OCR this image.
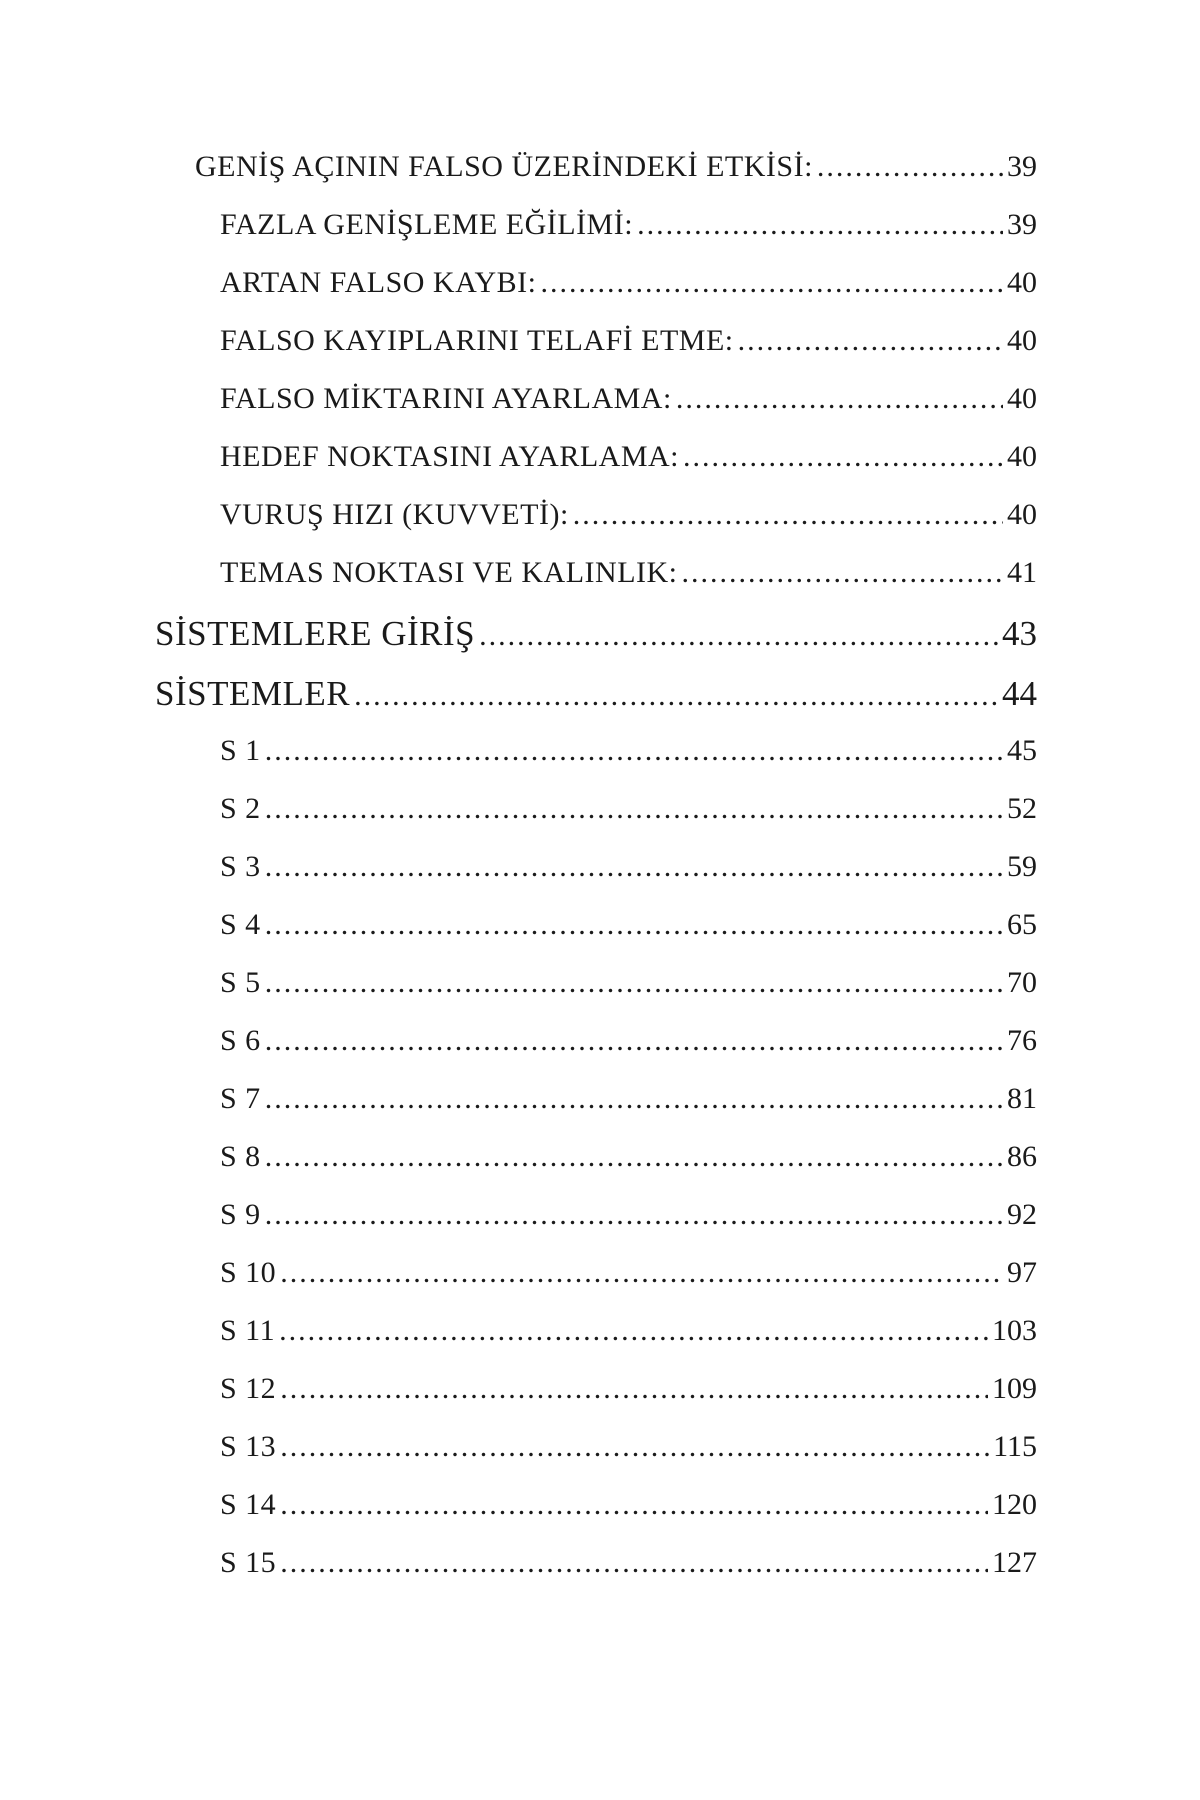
GENİŞ AÇININ FALSO ÜZERİNDEKİ ETKİSİ: .....	39
FAZLA GENİŞLEME EĞİLİMİ: .....	39
ARTAN FALSO KAYBI: .....	40
FALSO KAYIPLARINI TELAFİ ETME: .....	40
FALSO MİKTARINI AYARLAMA: .....	40
HEDEF NOKTASINI AYARLAMA: .....	40
VURUŞ HIZI (KUVVETİ): .....	40
TEMAS NOKTASI VE KALINLIK: .....	41
SİSTEMLERE GİRİŞ .....	43
SİSTEMLER .....	44
S 1 .....	45
S 2 .....	52
S 3 .....	59
S 4 .....	65
S 5 .....	70
S 6 .....	76
S 7 .....	81
S 8 .....	86
S 9 .....	92
S 10 .....	97
S 11 .....	103
S 12 .....	109
S 13 .....	115
S 14 .....	120
S 15 .....	127
